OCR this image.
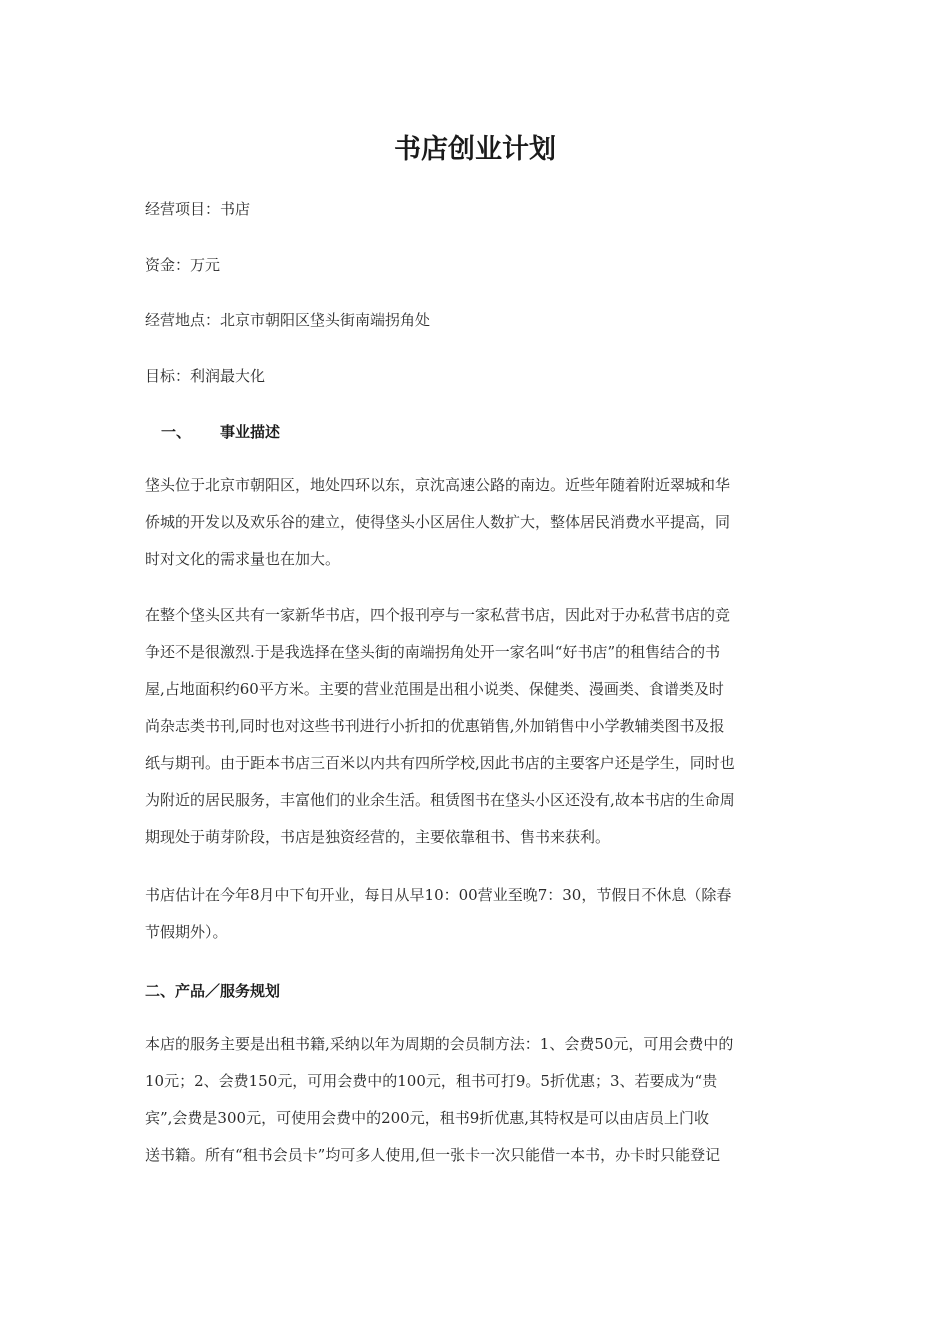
书店创业计划
经营项目：书店
资金：万元
经营地点：北京市朝阳区垡头街南端拐角处
目标：利润最大化
一、 事业描述
垡头位于北京市朝阳区，地处四环以东，京沈高速公路的南边。近些年随着附近翠城和华
侨城的开发以及欢乐谷的建立，使得垡头小区居住人数扩大，整体居民消费水平提高，同
时对文化的需求量也在加大。
在整个垡头区共有一家新华书店，四个报刊亭与一家私营书店，因此对于办私营书店的竞
争还不是很激烈.于是我选择在垡头街的南端拐角处开一家名叫“好书店”的租售结合的书
屋,占地面积约60平方米。主要的营业范围是出租小说类、保健类、漫画类、食谱类及时
尚杂志类书刊,同时也对这些书刊进行小折扣的优惠销售,外加销售中小学教辅类图书及报
纸与期刊。由于距本书店三百米以内共有四所学校,因此书店的主要客户还是学生，同时也
为附近的居民服务，丰富他们的业余生活。租赁图书在垡头小区还没有,故本书店的生命周
期现处于萌芽阶段，书店是独资经营的，主要依靠租书、售书来获利。
书店估计在今年8月中下旬开业，每日从早10：00营业至晚7：30，节假日不休息（除春
节假期外）。
二、产品／服务规划
本店的服务主要是出租书籍,采纳以年为周期的会员制方法：1、会费50元，可用会费中的
10元；2、会费150元，可用会费中的100元，租书可打9。5折优惠；3、若要成为“贵
宾”,会费是300元，可使用会费中的200元，租书9折优惠,其特权是可以由店员上门收
送书籍。所有“租书会员卡”均可多人使用,但一张卡一次只能借一本书，办卡时只能登记
